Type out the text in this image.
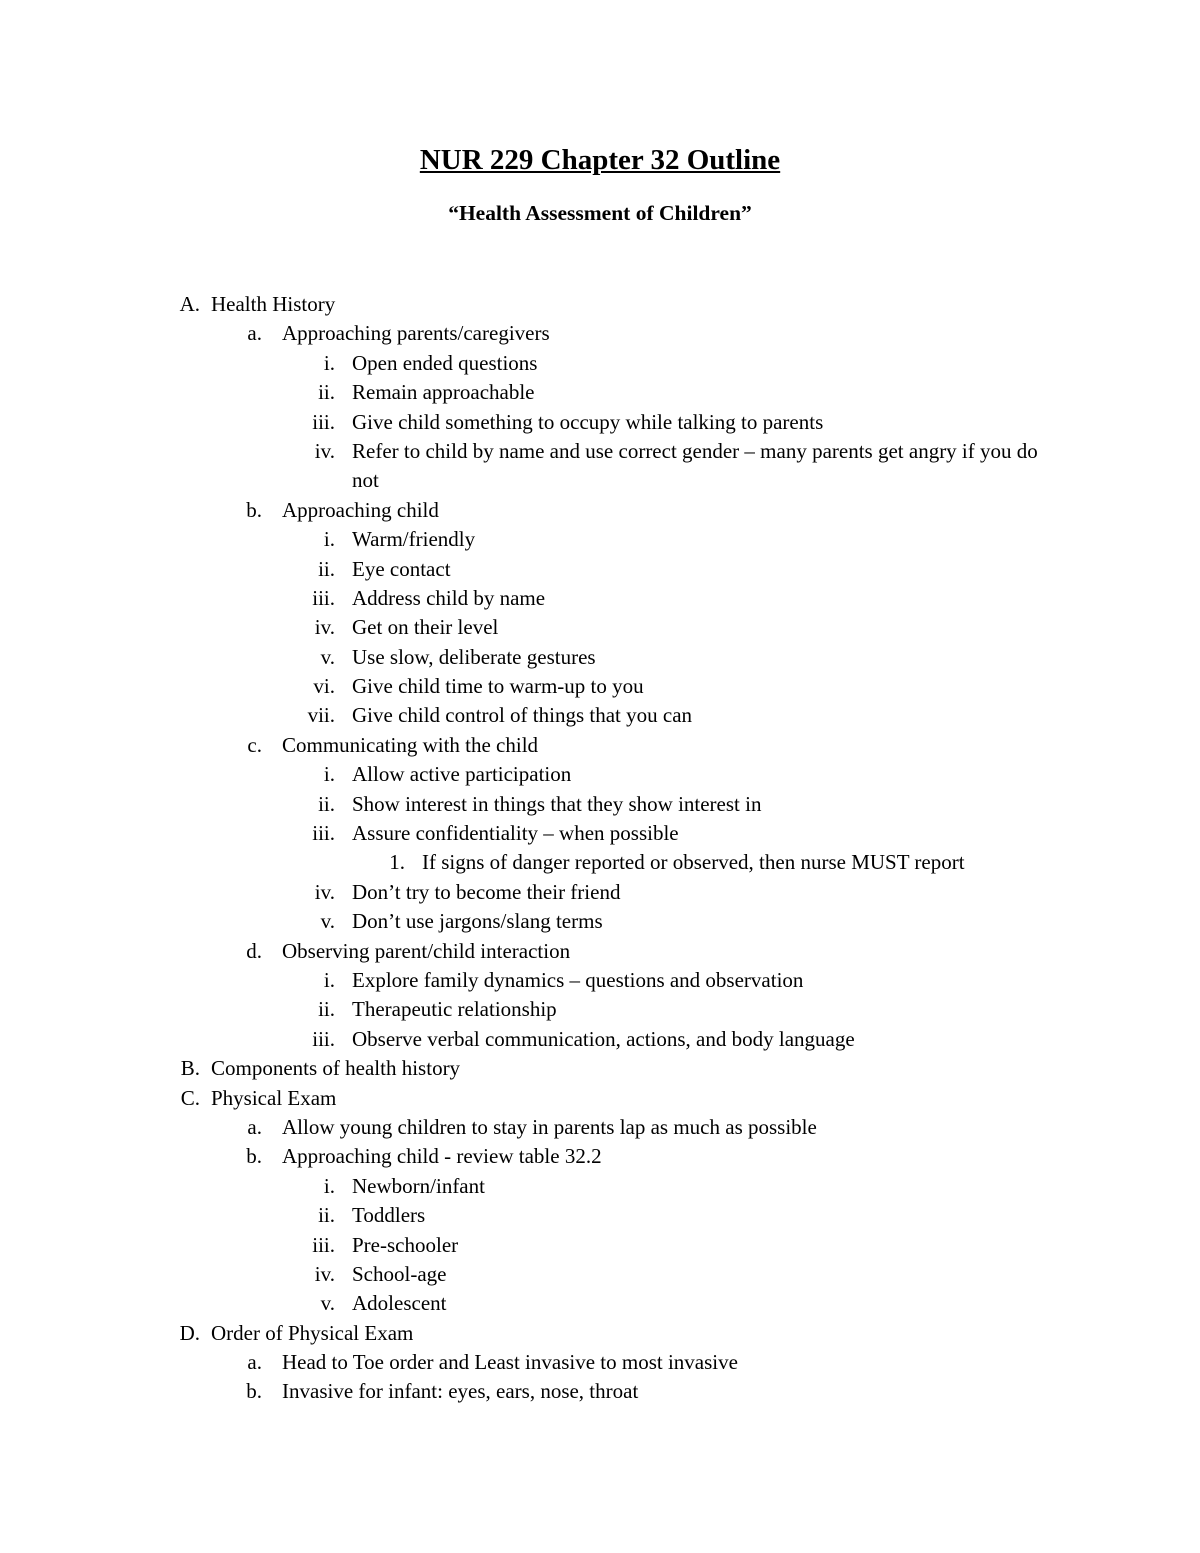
NUR 229 Chapter 32 Outline
“Health Assessment of Children”
A. Health History
a. Approaching parents/caregivers
i. Open ended questions
ii. Remain approachable
iii. Give child something to occupy while talking to parents
iv. Refer to child by name and use correct gender – many parents get angry if you do not
b. Approaching child
i. Warm/friendly
ii. Eye contact
iii. Address child by name
iv. Get on their level
v. Use slow, deliberate gestures
vi. Give child time to warm-up to you
vii. Give child control of things that you can
c. Communicating with the child
i. Allow active participation
ii. Show interest in things that they show interest in
iii. Assure confidentiality – when possible
1. If signs of danger reported or observed, then nurse MUST report
iv. Don’t try to become their friend
v. Don’t use jargons/slang terms
d. Observing parent/child interaction
i. Explore family dynamics – questions and observation
ii. Therapeutic relationship
iii. Observe verbal communication, actions, and body language
B. Components of health history
C. Physical Exam
a. Allow young children to stay in parents lap as much as possible
b. Approaching child - review table 32.2
i. Newborn/infant
ii. Toddlers
iii. Pre-schooler
iv. School-age
v. Adolescent
D. Order of Physical Exam
a. Head to Toe order and Least invasive to most invasive
b. Invasive for infant: eyes, ears, nose, throat
